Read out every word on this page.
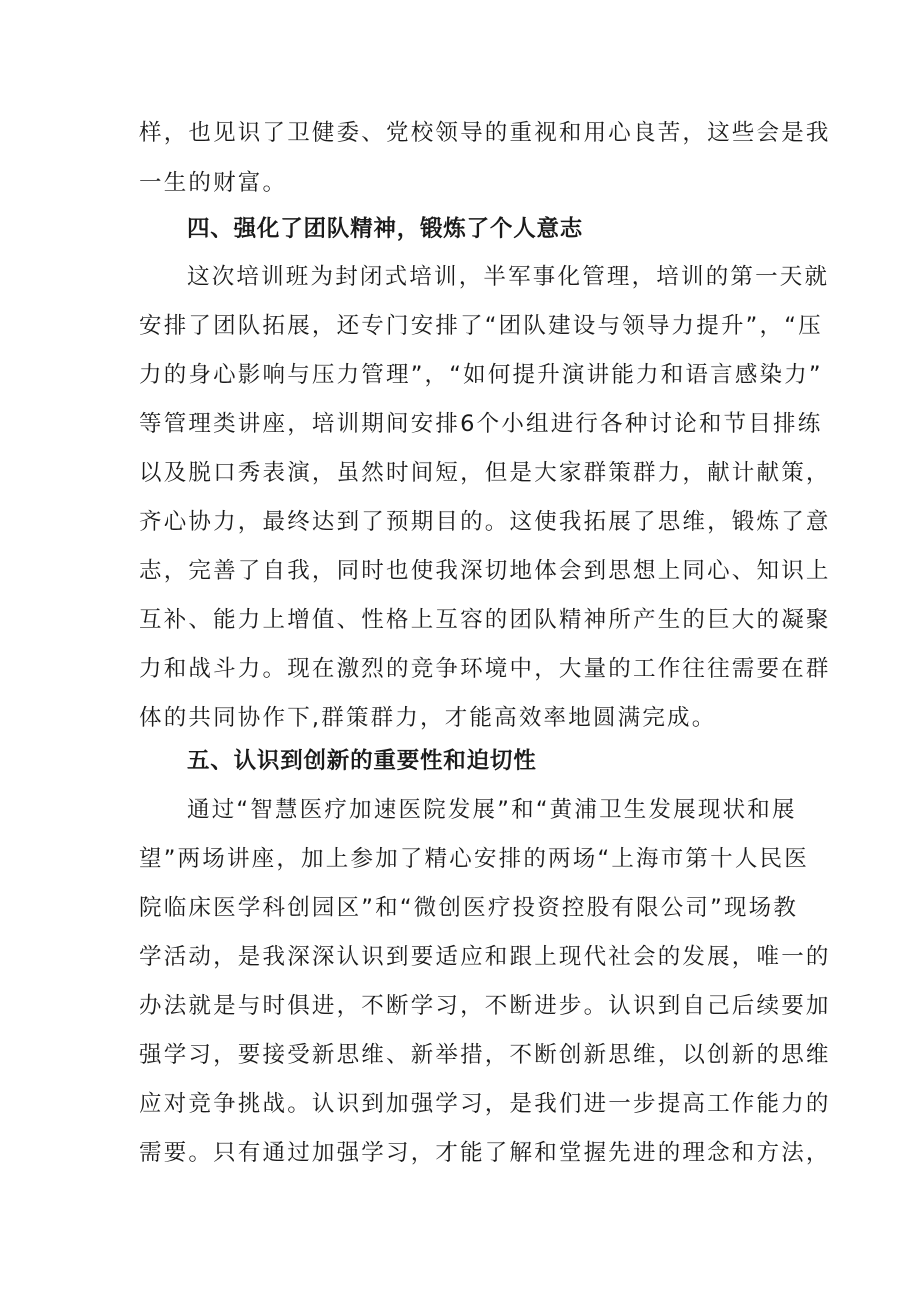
样，也见识了卫健委、党校领导的重视和用心良苦，这些会是我
一生的财富。
四、强化了团队精神，锻炼了个人意志
这次培训班为封闭式培训，半军事化管理，培训的第一天就
安排了团队拓展，还专门安排了“团队建设与领导力提升”，“压
力的身心影响与压力管理”，“如何提升演讲能力和语言感染力”
等管理类讲座，培训期间安排6个小组进行各种讨论和节目排练
以及脱口秀表演，虽然时间短，但是大家群策群力，献计献策，
齐心协力，最终达到了预期目的。这使我拓展了思维，锻炼了意
志，完善了自我，同时也使我深切地体会到思想上同心、知识上
互补、能力上增值、性格上互容的团队精神所产生的巨大的凝聚
力和战斗力。现在激烈的竞争环境中，大量的工作往往需要在群
体的共同协作下,群策群力，才能高效率地圆满完成。
五、认识到创新的重要性和迫切性
通过“智慧医疗加速医院发展”和“黄浦卫生发展现状和展
望”两场讲座，加上参加了精心安排的两场“上海市第十人民医
院临床医学科创园区”和“微创医疗投资控股有限公司”现场教
学活动，是我深深认识到要适应和跟上现代社会的发展，唯一的
办法就是与时俱进，不断学习，不断进步。认识到自己后续要加
强学习，要接受新思维、新举措，不断创新思维，以创新的思维
应对竞争挑战。认识到加强学习，是我们进一步提高工作能力的
需要。只有通过加强学习，才能了解和堂握先进的理念和方法，
